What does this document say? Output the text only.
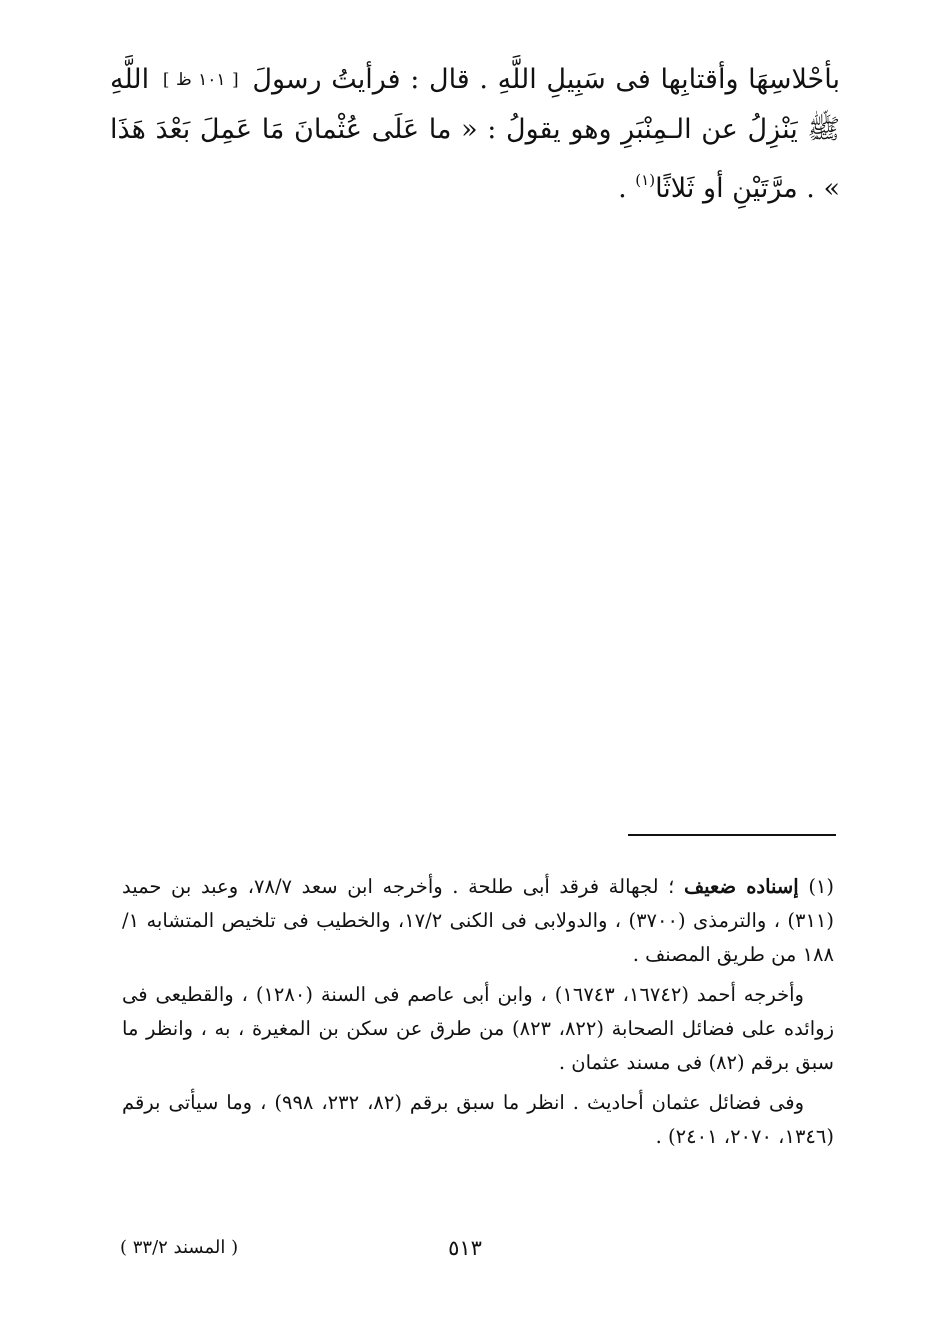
بأحْلاسِهَا وأقتابِها فى سَبِيلِ اللَّهِ . قال : فرأيتُ رسولَ [ ١٠١ ظ ] اللَّهِ ﷺ يَنْزِلُ عن الـمِنْبَرِ وهو يقولُ : « ما عَلَى عُثْمانَ مَا عَمِلَ بَعْدَ هَذَا » . مرَّتَيْنِ أو ثَلاثًا$^{(١)}$ .

(١) إسناده ضعيف ؛ لجهالة فرقد أبى طلحة . وأخرجه ابن سعد ٧٨/٧، وعبد بن حميد (٣١١) ، والترمذى (٣٧٠٠) ، والدولابى فى الكنى ١٧/٢، والخطيب فى تلخيص المتشابه ١/ ١٨٨ من طريق المصنف .

وأخرجه أحمد (١٦٧٤٢، ١٦٧٤٣) ، وابن أبى عاصم فى السنة (١٢٨٠) ، والقطيعى فى زوائده على فضائل الصحابة (٨٢٢، ٨٢٣) من طرق عن سكن بن المغيرة ، به ، وانظر ما سبق برقم (٨٢) فى مسند عثمان .

وفى فضائل عثمان أحاديث . انظر ما سبق برقم (٨٢، ٢٣٢، ٩٩٨) ، وما سيأتى برقم (١٣٤٦، ٢٠٧٠، ٢٤٠١) .

٥١٣
( المسند ٣٣/٢ )
